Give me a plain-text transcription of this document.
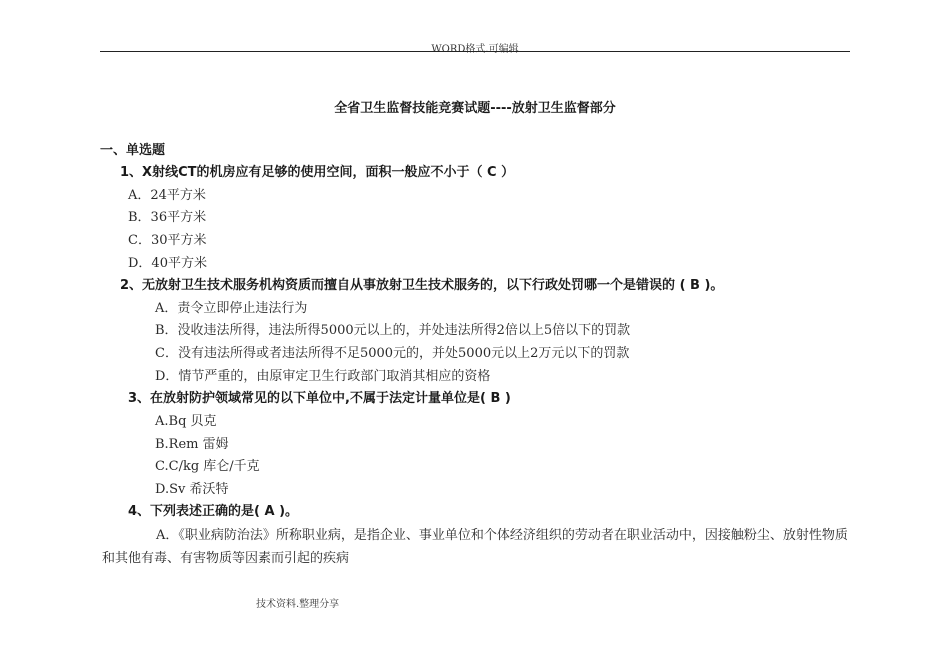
WORD格式.可编辑
全省卫生监督技能竞赛试题----放射卫生监督部分
一、单选题
1、X射线CT的机房应有足够的使用空间，面积一般应不小于（ C ）
A．24平方米
B．36平方米
C．30平方米
D．40平方米
2、无放射卫生技术服务机构资质而擅自从事放射卫生技术服务的，以下行政处罚哪一个是错误的 ( B )。
A．责令立即停止违法行为
B．没收违法所得，违法所得5000元以上的，并处违法所得2倍以上5倍以下的罚款
C．没有违法所得或者违法所得不足5000元的，并处5000元以上2万元以下的罚款
D．情节严重的，由原审定卫生行政部门取消其相应的资格
3、在放射防护领域常见的以下单位中,不属于法定计量单位是( B )
A.Bq 贝克
B.Rem 雷姆
C.C/kg 库仑/千克
D.Sv 希沃特
4、下列表述正确的是( A )。
A．《职业病防治法》所称职业病，是指企业、事业单位和个体经济组织的劳动者在职业活动中，因接触粉尘、放射性物质和其他有毒、有害物质等因素而引起的疾病
技术资料.整理分享
